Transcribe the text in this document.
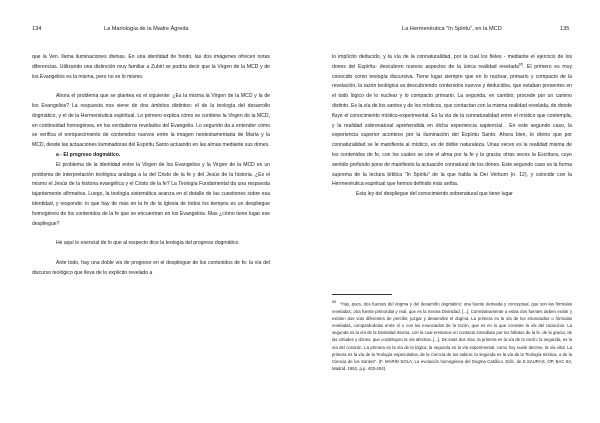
134	La Mariología de la Madre Ágreda

que la Ven. llama iluminaciones divinas. En una identidad de fondo, las dos imágenes ofrecen notas diferencias. Utilizando una distinción muy familiar a Zubiri se podría decir que la Virgen de la MCD y de los Evangelios es la misma, pero no es lo mismo.

Ahora el problema que se plantea es el siguiente: ¿Es la misma la Virgen de la MCD y la de los Evangelios? La respuesta nos viene de dos ámbitos distintos: el de la teología del desarrollo dogmático, y el de la Hermenéutica espiritual. Lo primero explica cómo se contiene la Virgen de la MCD, en continuidad homogénea, en los verdaderos revelados del Evangelio. Lo segundo da a entender cómo se verifica el enriquecimiento de contenidos nuevos entre la imagen neotestamentaria de María y la MCD, desde las actuaciones iluminadoras del Espíritu Santo actuando en las almas mediante sus dones.

a - El progreso dogmático.

El problema de la identidad entre la Virgen de los Evangelios y la Virgen de la MCD es un problema de interpretación teológica análoga a la del Cristo de la fe y del Jesús de la historia. ¿Es el mismo el Jesús de la historia evangélica y el Cristo de la fe? La Teología Fundamental da una respuesta tajantemente afirmativa. Luego, la teología sistemática avanza en el detalle de las cuestiones sobre esa identidad, y responde: lo que hay de más en la fe de la Iglesia de todos los tiempos es un despliegue homogéneo de los contenidos de la fe que se encuentran en los Evangelios. Mas ¿cómo tiene lugar ese despliegue?

He aquí lo esencial de lo que al respecto dice la teología del progreso dogmático.

Ante todo, hay una doble vía de progreso en el despliegue de los contenidos de fe: la vía del discurso teológico que lleva de lo explícito revelado a

La Hermenéutica "In Spiritu", en la MCD	135

lo implícito deducido, y la vía de la connaturalidad, por la cual los fieles - mediante el ejercicio de los dones del Espíritu- descubren nuevos aspectos de la única realidad revelada$^{65}$. El primero es muy conocido como teología discursiva. Tiene lugar siempre que en lo nuclear, primario y compacto de la revelación, la razón teológica va descubriendo contenidos nuevos y deducidos, que estaban presentes en el todo lógico de lo nuclear y lo compacto primario. La segunda, en cambio, procede por un camino distinto. Es la vía de los santos y de los místicos, que contactan con la misma realidad revelada, de donde fluye el conocimiento místico-experimental. Es la vía de la connaturalidad entre el místico que contempla, y la realidad sobrenatural aprehendida en dicha experiencia sapiencial . En este segundo caso, la experiencia superior acontece por la iluminación del Espíritu Santo. Ahora bien, lo divino que por connaturalidad se le manifiesta al místico, es de doble naturaleza. Unas veces es la realidad misma de los contenidos de fe, con los cuales se une el alma por la fe y la gracia; otras veces la Escritura, cuyo sentido profundo pone de manifiesto la actuación connatural de los dones. Este segundo caso es la forma suprema de la lectura bíblica "In Spiritu" de la que habla la Dei Verbum (n. 12), y coincide con la Hermenéutica espiritual que hemos definido más arriba.

Esta ley del despliegue del conocimiento sobrenatural que tiene lugar

$^{65}$ "Hay, pues, dos fuentes del dogma y del desarrollo dogmático: una fuente derivada y conceptual, que son las fórmulas reveladas; otra fuente primordial y real, que es la misma Divinidad. [...]. Correlativamente a estas dos fuentes deben existir y existen dos vías diferentes de percibir, juzgar y desarrollar el dogma. La primera es la vía de los enunciados o fórmulas reveladas, comparándolas entre sí o con los enunciados de la razón, que es en lo que consiste la vía del raciocinio. La segunda es la vía de la Divinidad misma, con la cual entramos en contacto inmediato por los hábitos de la fe, de la gracia, de las virtudes y dones, que constituyen la vía afectiva. [...]. De esas dos vías, la primera es la vía de la razón; la segunda, es la vía del corazón. La primera es la vía de la lógica; la segunda es la vía experimental, como hoy suele decirse, la vía vital. La primera es la vía de la Teología especulativa, de la Ciencia de los sabios; la segunda es la vía de la Teología mística, o de la Ciencia de los Santos". (F. MARÍN SOLA; La evolución homogénea del Dogma Católico. Edic. de E.SAURAS, OP, BAC 84, Madrid, 1952, p.p. 403-404).
